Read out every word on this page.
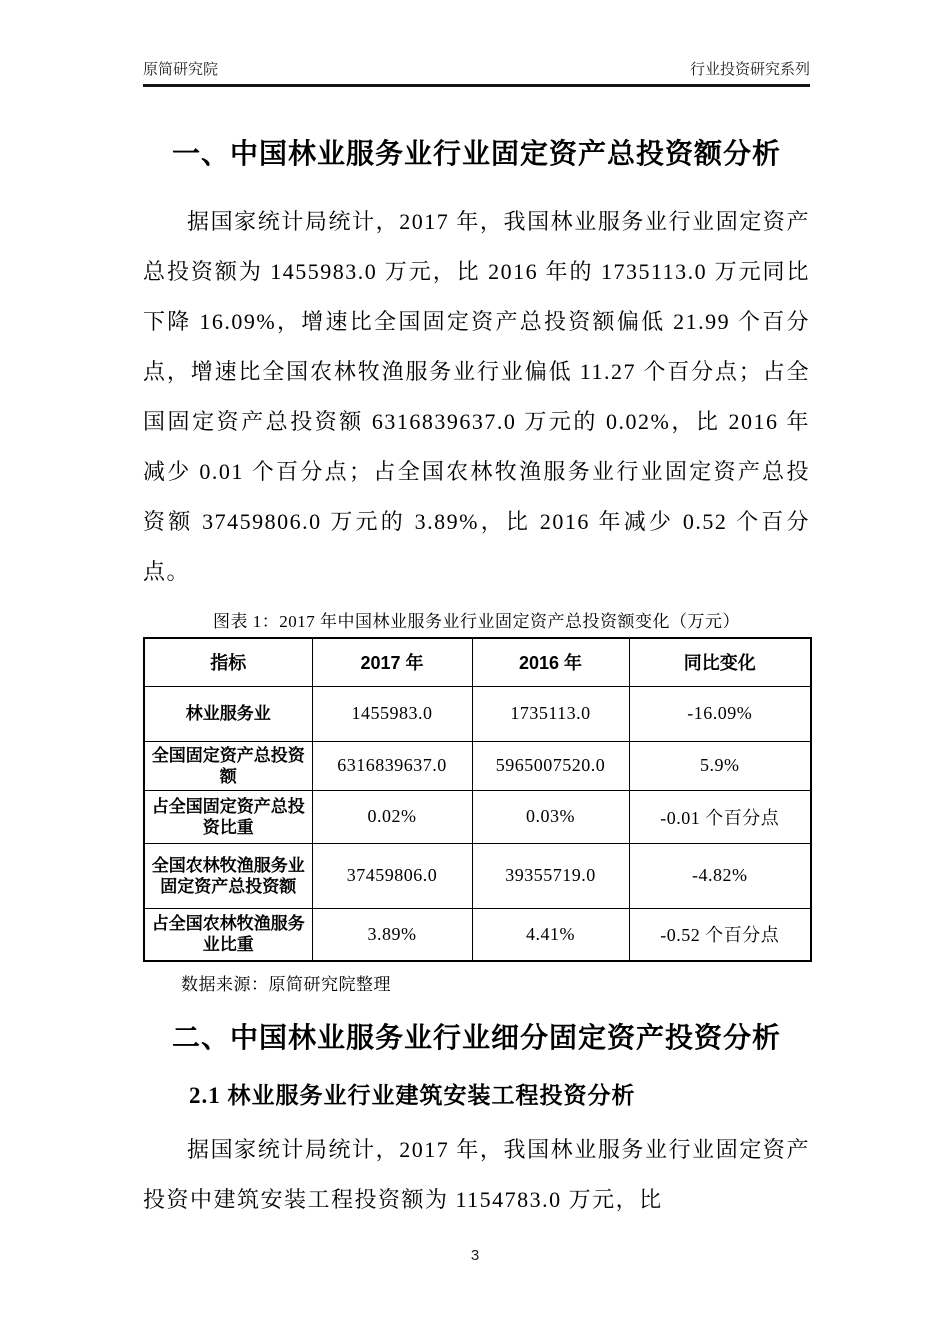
原简研究院	行业投资研究系列
一、中国林业服务业行业固定资产总投资额分析

据国家统计局统计，2017 年，我国林业服务业行业固定资产总投资额为 1455983.0 万元，比 2016 年的 1735113.0 万元同比下降 16.09%，增速比全国固定资产总投资额偏低 21.99 个百分点，增速比全国农林牧渔服务业行业偏低 11.27 个百分点；占全国固定资产总投资额 6316839637.0 万元的 0.02%，比 2016 年减少 0.01 个百分点；占全国农林牧渔服务业行业固定资产总投资额 37459806.0 万元的 3.89%，比 2016 年减少 0.52 个百分点。

图表 1：2017 年中国林业服务业行业固定资产总投资额变化（万元）
指标	2017 年	2016 年	同比变化
林业服务业	1455983.0	1735113.0	-16.09%
全国固定资产总投资额	6316839637.0	5965007520.0	5.9%
占全国固定资产总投资比重	0.02%	0.03%	-0.01 个百分点
全国农林牧渔服务业固定资产总投资额	37459806.0	39355719.0	-4.82%
占全国农林牧渔服务业比重	3.89%	4.41%	-0.52 个百分点
数据来源：原简研究院整理
二、中国林业服务业行业细分固定资产投资分析
2.1 林业服务业行业建筑安装工程投资分析

据国家统计局统计，2017 年，我国林业服务业行业固定资产投资中建筑安装工程投资额为 1154783.0 万元，比

3
